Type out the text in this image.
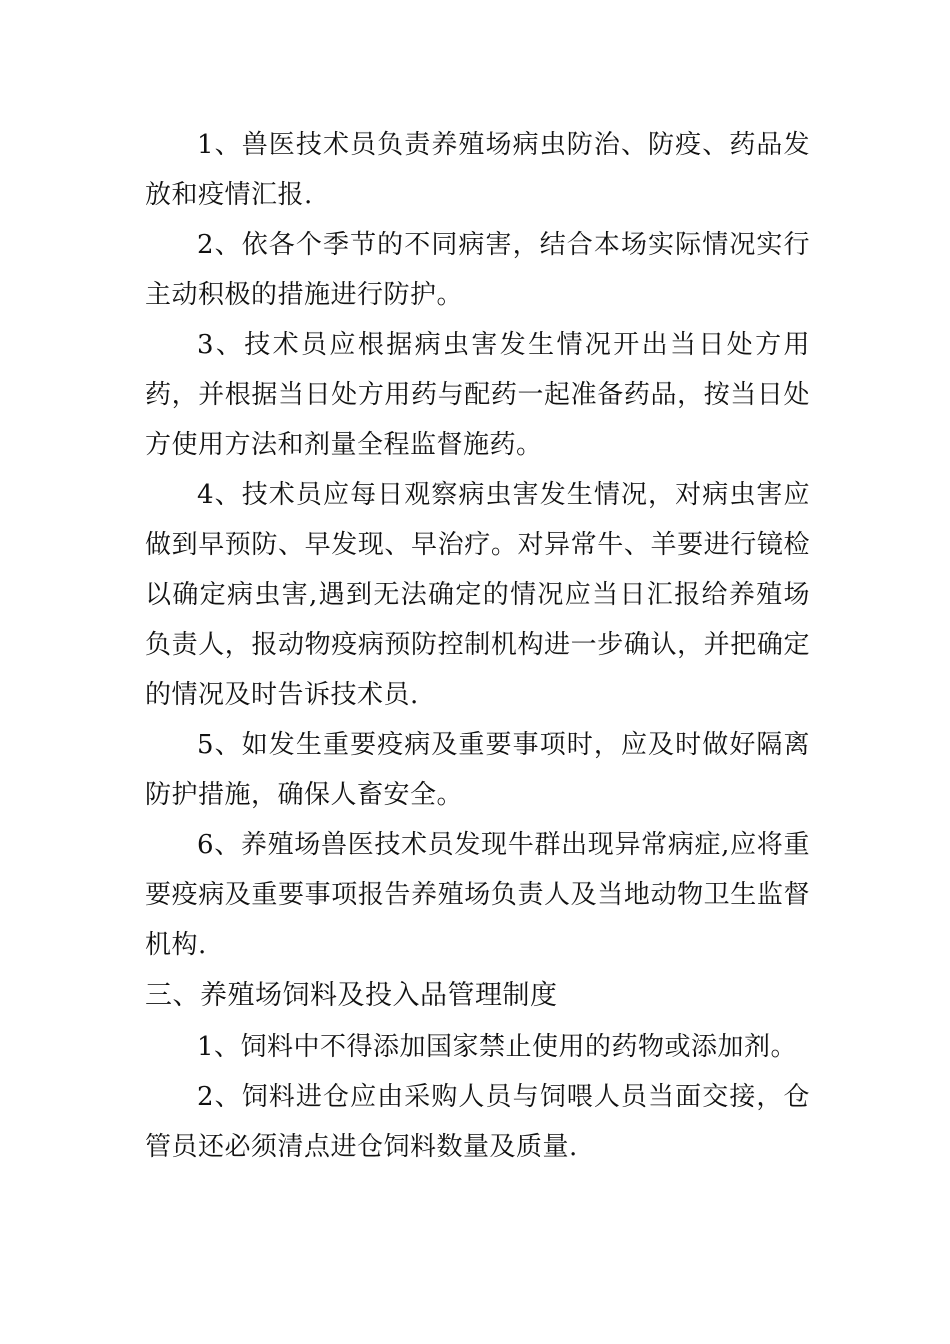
1、兽医技术员负责养殖场病虫防治、防疫、药品发放和疫情汇报.

2、依各个季节的不同病害，结合本场实际情况实行主动积极的措施进行防护。

3、技术员应根据病虫害发生情况开出当日处方用药，并根据当日处方用药与配药一起准备药品，按当日处方使用方法和剂量全程监督施药。

4、技术员应每日观察病虫害发生情况，对病虫害应做到早预防、早发现、早治疗。对异常牛、羊要进行镜检以确定病虫害,遇到无法确定的情况应当日汇报给养殖场负责人，报动物疫病预防控制机构进一步确认，并把确定的情况及时告诉技术员.

5、如发生重要疫病及重要事项时，应及时做好隔离防护措施，确保人畜安全。

6、养殖场兽医技术员发现牛群出现异常病症,应将重要疫病及重要事项报告养殖场负责人及当地动物卫生监督机构.

三、养殖场饲料及投入品管理制度

1、饲料中不得添加国家禁止使用的药物或添加剂。

2、饲料进仓应由采购人员与饲喂人员当面交接，仓管员还必须清点进仓饲料数量及质量.
